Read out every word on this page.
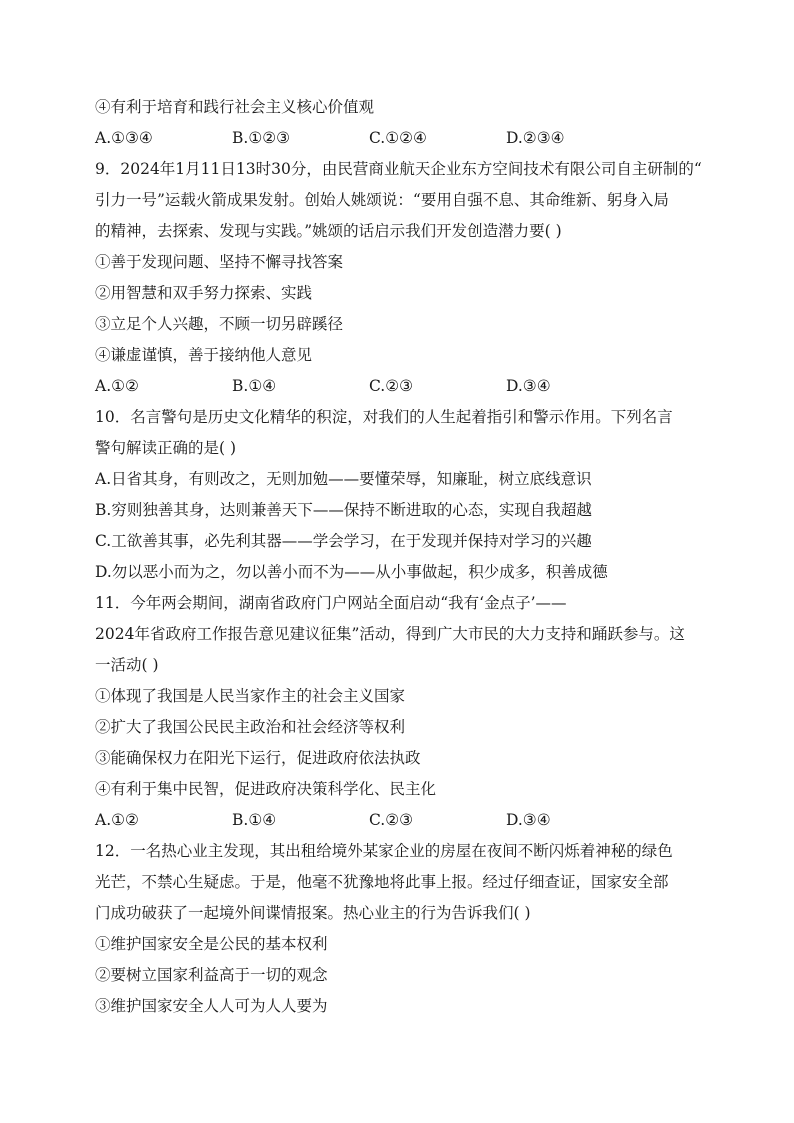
④有利于培育和践行社会主义核心价值观
A.①③④	B.①②③	C.①②④	D.②③④
9．2024年1月11日13时30分，由民营商业航天企业东方空间技术有限公司自主研制的“
引力一号”运载火箭成果发射。创始人姚颂说：“要用自强不息、其命维新、躬身入局
的精神，去探索、发现与实践。”姚颂的话启示我们开发创造潜力要( )
①善于发现问题、坚持不懈寻找答案
②用智慧和双手努力探索、实践
③立足个人兴趣，不顾一切另辟蹊径
④谦虚谨慎，善于接纳他人意见
A.①②	B.①④	C.②③	D.③④
10．名言警句是历史文化精华的积淀，对我们的人生起着指引和警示作用。下列名言
警句解读正确的是( )
A.日省其身，有则改之，无则加勉——要懂荣辱，知廉耻，树立底线意识
B.穷则独善其身，达则兼善天下——保持不断进取的心态，实现自我超越
C.工欲善其事，必先利其器——学会学习，在于发现并保持对学习的兴趣
D.勿以恶小而为之，勿以善小而不为——从小事做起，积少成多，积善成德
11．今年两会期间，湖南省政府门户网站全面启动“我有‘金点子’——
2024年省政府工作报告意见建议征集”活动，得到广大市民的大力支持和踊跃参与。这
一活动( )
①体现了我国是人民当家作主的社会主义国家
②扩大了我国公民民主政治和社会经济等权利
③能确保权力在阳光下运行，促进政府依法执政
④有利于集中民智，促进政府决策科学化、民主化
A.①②	B.①④	C.②③	D.③④
12．一名热心业主发现，其出租给境外某家企业的房屋在夜间不断闪烁着神秘的绿色
光芒，不禁心生疑虑。于是，他毫不犹豫地将此事上报。经过仔细查证，国家安全部
门成功破获了一起境外间谍情报案。热心业主的行为告诉我们( )
①维护国家安全是公民的基本权利
②要树立国家利益高于一切的观念
③维护国家安全人人可为人人要为
